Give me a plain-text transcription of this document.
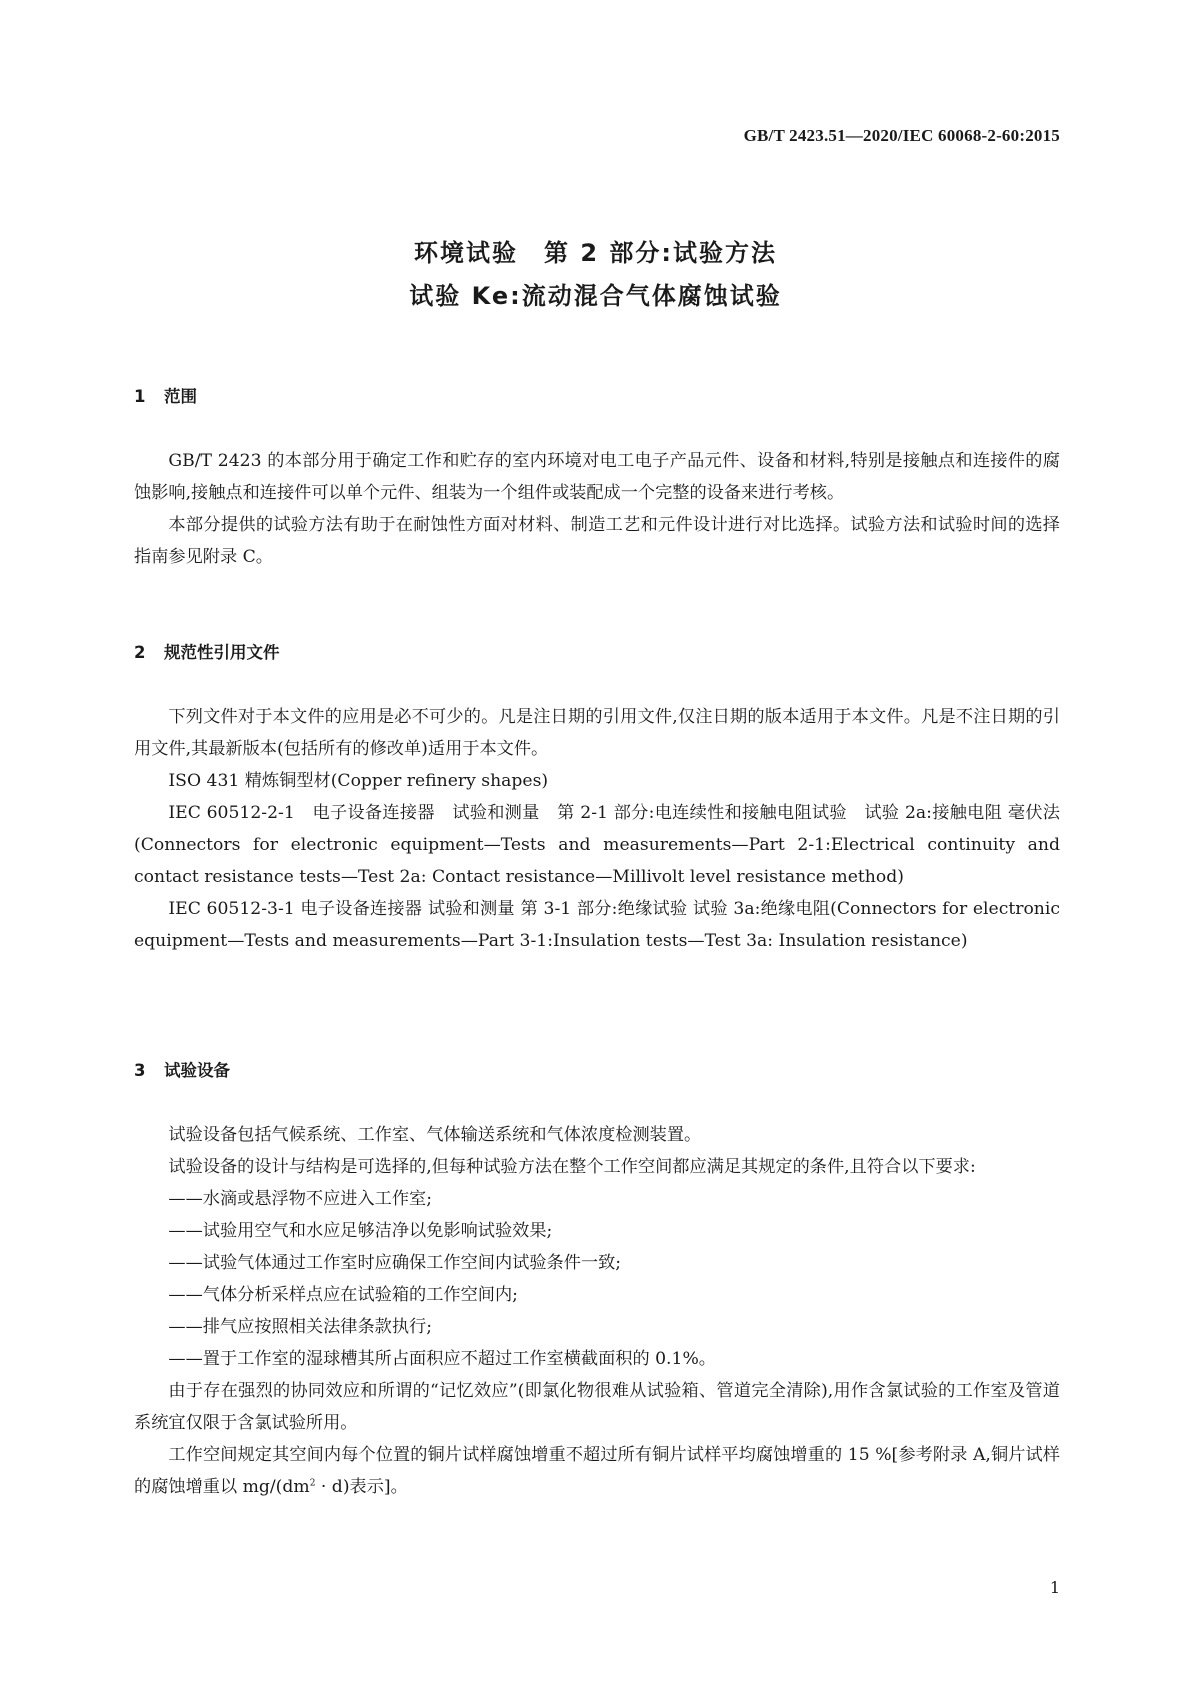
GB/T 2423.51—2020/IEC 60068-2-60:2015
环境试验　第 2 部分:试验方法
试验 Ke:流动混合气体腐蚀试验
1 范围

GB/T 2423 的本部分用于确定工作和贮存的室内环境对电工电子产品元件、设备和材料,特别是接触点和连接件的腐蚀影响,接触点和连接件可以单个元件、组装为一个组件或装配成一个完整的设备来进行考核。

本部分提供的试验方法有助于在耐蚀性方面对材料、制造工艺和元件设计进行对比选择。试验方法和试验时间的选择指南参见附录 C。

2 规范性引用文件

下列文件对于本文件的应用是必不可少的。凡是注日期的引用文件,仅注日期的版本适用于本文件。凡是不注日期的引用文件,其最新版本(包括所有的修改单)适用于本文件。

ISO 431 精炼铜型材(Copper refinery shapes)

IEC 60512-2-1　电子设备连接器　试验和测量　第 2-1 部分:电连续性和接触电阻试验　试验 2a:接触电阻 毫伏法(Connectors for electronic equipment—Tests and measurements—Part 2-1:Electrical continuity and contact resistance tests—Test 2a: Contact resistance—Millivolt level resistance method)

IEC 60512-3-1 电子设备连接器 试验和测量 第 3-1 部分:绝缘试验 试验 3a:绝缘电阻(Connectors for electronic equipment—Tests and measurements—Part 3-1:Insulation tests—Test 3a: Insulation resistance)

3 试验设备

试验设备包括气候系统、工作室、气体输送系统和气体浓度检测装置。

试验设备的设计与结构是可选择的,但每种试验方法在整个工作空间都应满足其规定的条件,且符合以下要求:

——水滴或悬浮物不应进入工作室;

——试验用空气和水应足够洁净以免影响试验效果;

——试验气体通过工作室时应确保工作空间内试验条件一致;

——气体分析采样点应在试验箱的工作空间内;

——排气应按照相关法律条款执行;

——置于工作室的湿球槽其所占面积应不超过工作室横截面积的 0.1%。

由于存在强烈的协同效应和所谓的“记忆效应”(即氯化物很难从试验箱、管道完全清除),用作含氯试验的工作室及管道系统宜仅限于含氯试验所用。

工作空间规定其空间内每个位置的铜片试样腐蚀增重不超过所有铜片试样平均腐蚀增重的 15 %[参考附录 A,铜片试样的腐蚀增重以 $mg/(dm^2 \cdot d)$表示]。

1
